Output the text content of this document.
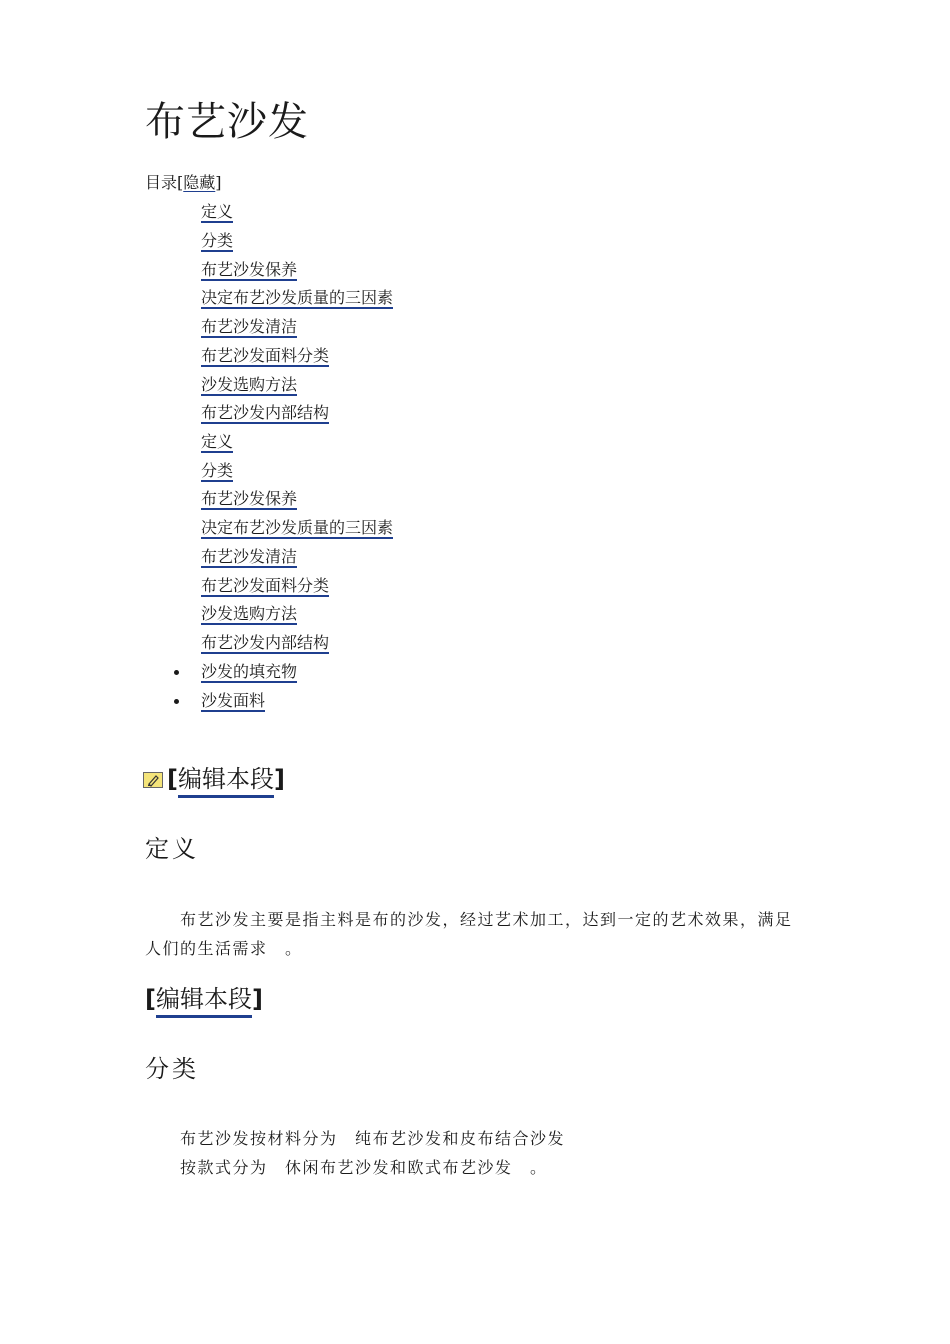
布艺沙发
目录[隐藏]
定义
分类
布艺沙发保养
决定布艺沙发质量的三因素
布艺沙发清洁
布艺沙发面料分类
沙发选购方法
布艺沙发内部结构
定义
分类
布艺沙发保养
决定布艺沙发质量的三因素
布艺沙发清洁
布艺沙发面料分类
沙发选购方法
布艺沙发内部结构
沙发的填充物
沙发面料
[编辑本段]
定义

布艺沙发主要是指主料是布的沙发，经过艺术加工，达到一定的艺术效果，满足

人们的生活需求　。

[编辑本段]
分类

布艺沙发按材料分为　纯布艺沙发和皮布结合沙发

按款式分为　休闲布艺沙发和欧式布艺沙发　。
